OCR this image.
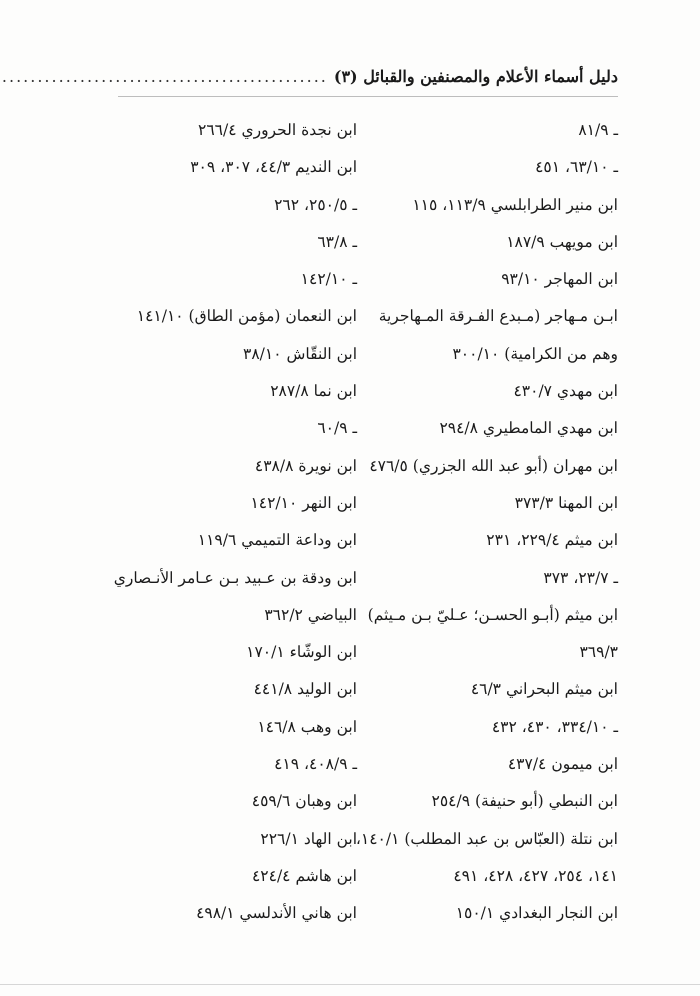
دليل أسماء الأعلام والمصنفين والقبائل (٣)
.....
ـ ٨١/٩
ـ ٦٣/١٠، ٤٥١
ابن منير الطرابلسي ١١٣/٩، ١١٥
ابن مويهب ١٨٧/٩
ابن المهاجر ٩٣/١٠
ابـن مـهاجر (مـبدع الفـرقة المـهاجرية
وهم من الكرامية) ٣٠٠/١٠
ابن مهدي ٤٣٠/٧
ابن مهدي المامطيري ٢٩٤/٨
ابن مهران (أبو عبد الله الجزري) ٤٧٦/٥
ابن المهنا ٣٧٣/٣
ابن ميثم ٢٢٩/٤، ٢٣١
ـ ٢٣/٧، ٣٧٣
ابن ميثم (أبـو الحسـن؛ عـليّ بـن مـيثم)
٣٦٩/٣
ابن ميثم البحراني ٤٦/٣
ـ ٣٣٤/١٠، ٤٣٠، ٤٣٢
ابن ميمون ٤٣٧/٤
ابن النبطي (أبو حنيفة) ٢٥٤/٩
ابن نتلة (العبّاس بن عبد المطلب) ١٤٠/١،
١٤١، ٢٥٤، ٤٢٧، ٤٢٨، ٤٩١
ابن النجار البغدادي ١٥٠/١
ابن نجدة الحروري ٢٦٦/٤
ابن النديم ٤٤/٣، ٣٠٧، ٣٠٩
ـ ٢٥٠/٥، ٢٦٢
ـ ٦٣/٨
ـ ١٤٢/١٠
ابن النعمان (مؤمن الطاق) ١٤١/١٠
ابن النقّاش ٣٨/١٠
ابن نما ٢٨٧/٨
ـ ٦٠/٩
ابن نويرة ٤٣٨/٨
ابن النهر ١٤٢/١٠
ابن وداعة التميمي ١١٩/٦
ابن ودقة بن عـبيد بـن عـامر الأنـصاري
البياضي ٣٦٢/٢
ابن الوشّاء ١٧٠/١
ابن الوليد ٤٤١/٨
ابن وهب ١٤٦/٨
ـ ٤٠٨/٩، ٤١٩
ابن وهبان ٤٥٩/٦
ابن الهاد ٢٢٦/١
ابن هاشم ٤٢٤/٤
ابن هاني الأندلسي ٤٩٨/١
